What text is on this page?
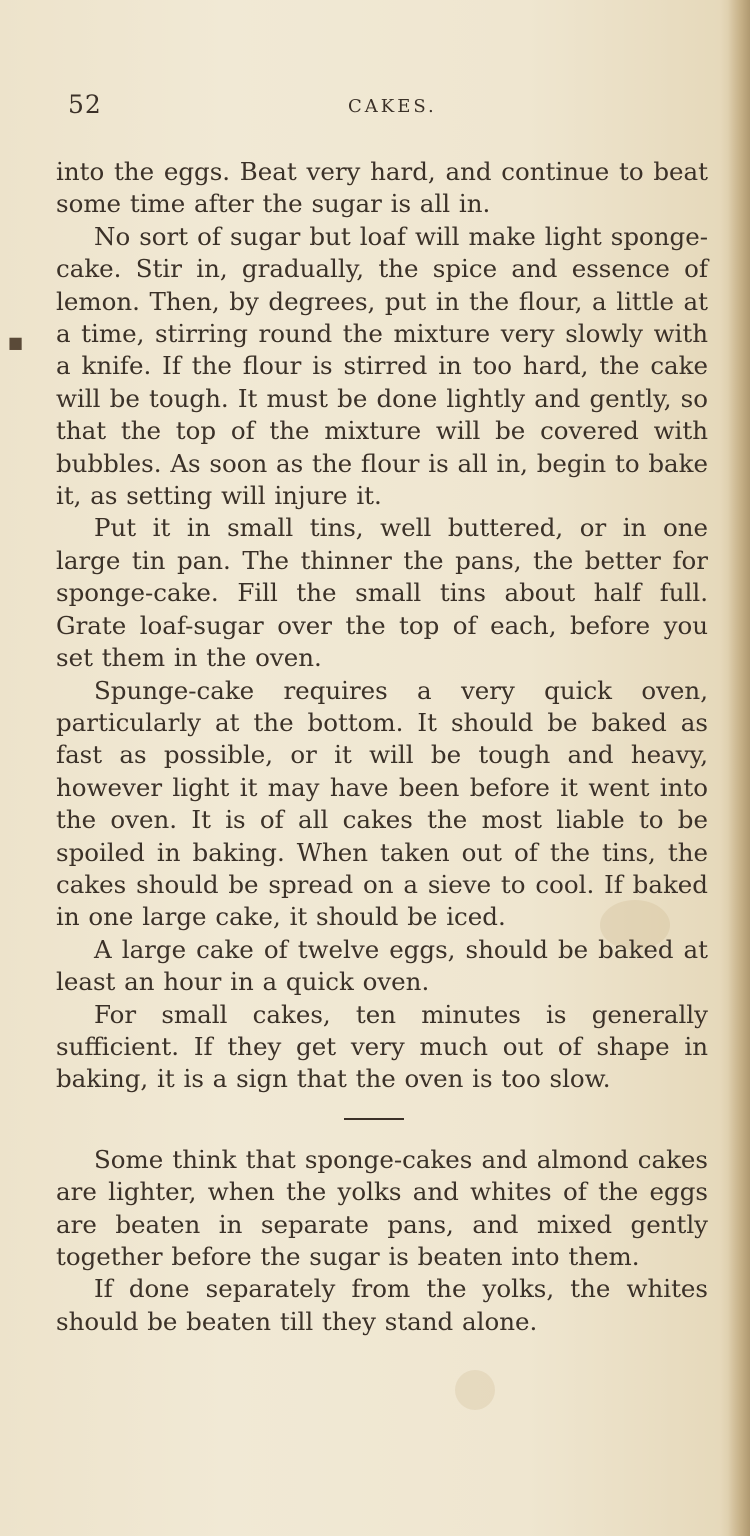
■
52	CAKES.

into the eggs. Beat very hard, and continue to beat some time after the sugar is all in.

No sort of sugar but loaf will make light sponge-cake. Stir in, gradually, the spice and essence of lemon. Then, by degrees, put in the flour, a little at a time, stirring round the mixture very slowly with a knife. If the flour is stirred in too hard, the cake will be tough. It must be done lightly and gently, so that the top of the mixture will be covered with bubbles. As soon as the flour is all in, begin to bake it, as setting will injure it.

Put it in small tins, well buttered, or in one large tin pan. The thinner the pans, the better for sponge-cake. Fill the small tins about half full. Grate loaf-sugar over the top of each, before you set them in the oven.

Spunge-cake requires a very quick oven, particularly at the bottom. It should be baked as fast as possible, or it will be tough and heavy, however light it may have been before it went into the oven. It is of all cakes the most liable to be spoiled in baking. When taken out of the tins, the cakes should be spread on a sieve to cool. If baked in one large cake, it should be iced.

A large cake of twelve eggs, should be baked at least an hour in a quick oven.

For small cakes, ten minutes is generally sufficient. If they get very much out of shape in baking, it is a sign that the oven is too slow.

Some think that sponge-cakes and almond cakes are lighter, when the yolks and whites of the eggs are beaten in separate pans, and mixed gently together before the sugar is beaten into them.

If done separately from the yolks, the whites should be beaten till they stand alone.
